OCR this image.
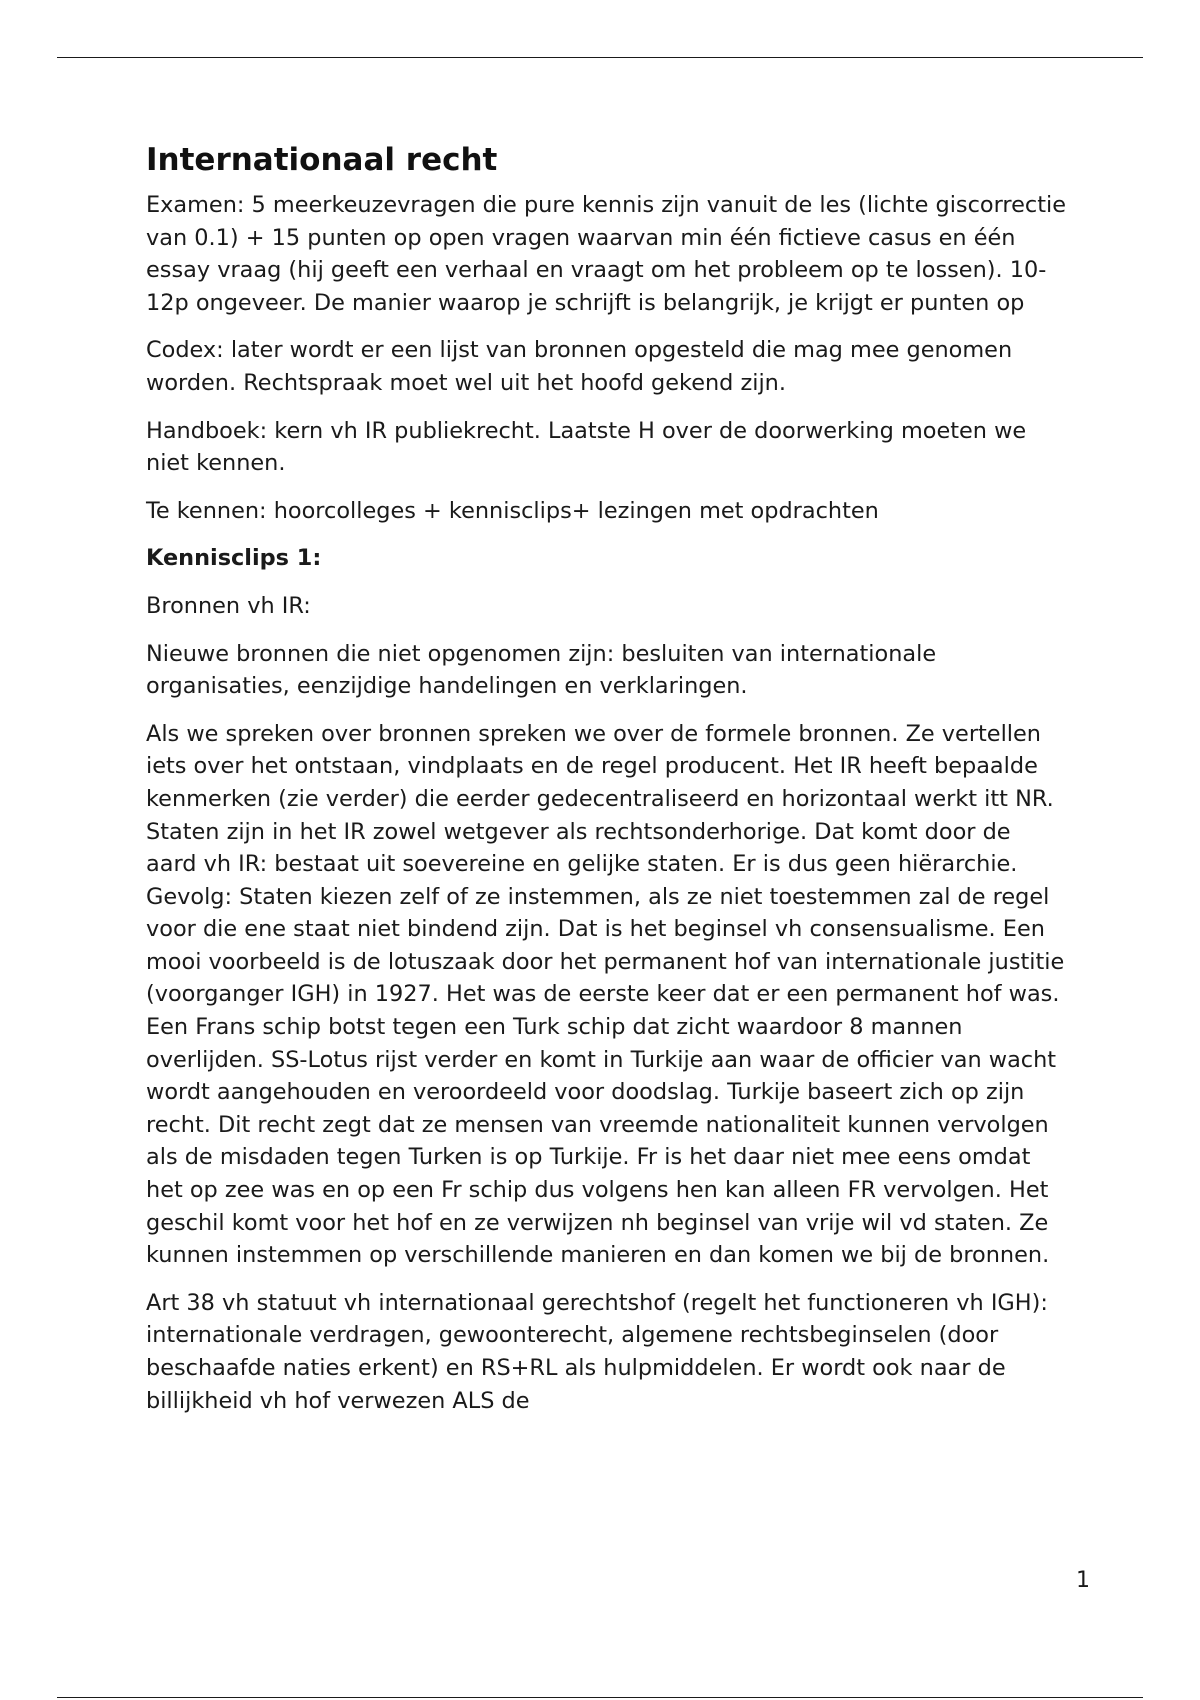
Internationaal recht

Examen: 5 meerkeuzevragen die pure kennis zijn vanuit de les (lichte giscorrectie van 0.1) + 15 punten op open vragen waarvan min één fictieve casus en één essay vraag (hij geeft een verhaal en vraagt om het probleem op te lossen). 10-12p ongeveer. De manier waarop je schrijft is belangrijk, je krijgt er punten op

Codex: later wordt er een lijst van bronnen opgesteld die mag mee genomen worden. Rechtspraak moet wel uit het hoofd gekend zijn.

Handboek: kern vh IR publiekrecht. Laatste H over de doorwerking moeten we niet kennen.

Te kennen: hoorcolleges + kennisclips+ lezingen met opdrachten

Kennisclips 1:

Bronnen vh IR:

Nieuwe bronnen die niet opgenomen zijn: besluiten van internationale organisaties, eenzijdige handelingen en verklaringen.

Als we spreken over bronnen spreken we over de formele bronnen. Ze vertellen iets over het ontstaan, vindplaats en de regel producent. Het IR heeft bepaalde kenmerken (zie verder) die eerder gedecentraliseerd en horizontaal werkt itt NR. Staten zijn in het IR zowel wetgever als rechtsonderhorige. Dat komt door de aard vh IR: bestaat uit soevereine en gelijke staten. Er is dus geen hiërarchie. Gevolg: Staten kiezen zelf of ze instemmen, als ze niet toestemmen zal de regel voor die ene staat niet bindend zijn. Dat is het beginsel vh consensualisme. Een mooi voorbeeld is de lotuszaak door het permanent hof van internationale justitie (voorganger IGH) in 1927. Het was de eerste keer dat er een permanent hof was. Een Frans schip botst tegen een Turk schip dat zicht waardoor 8 mannen overlijden. SS-Lotus rijst verder en komt in Turkije aan waar de officier van wacht wordt aangehouden en veroordeeld voor doodslag. Turkije baseert zich op zijn recht. Dit recht zegt dat ze mensen van vreemde nationaliteit kunnen vervolgen als de misdaden tegen Turken is op Turkije. Fr is het daar niet mee eens omdat het op zee was en op een Fr schip dus volgens hen kan alleen FR vervolgen. Het geschil komt voor het hof en ze verwijzen nh beginsel van vrije wil vd staten. Ze kunnen instemmen op verschillende manieren en dan komen we bij de bronnen.

Art 38 vh statuut vh internationaal gerechtshof (regelt het functioneren vh IGH): internationale verdragen, gewoonterecht, algemene rechtsbeginselen (door beschaafde naties erkent) en RS+RL als hulpmiddelen. Er wordt ook naar de billijkheid vh hof verwezen ALS de

1
